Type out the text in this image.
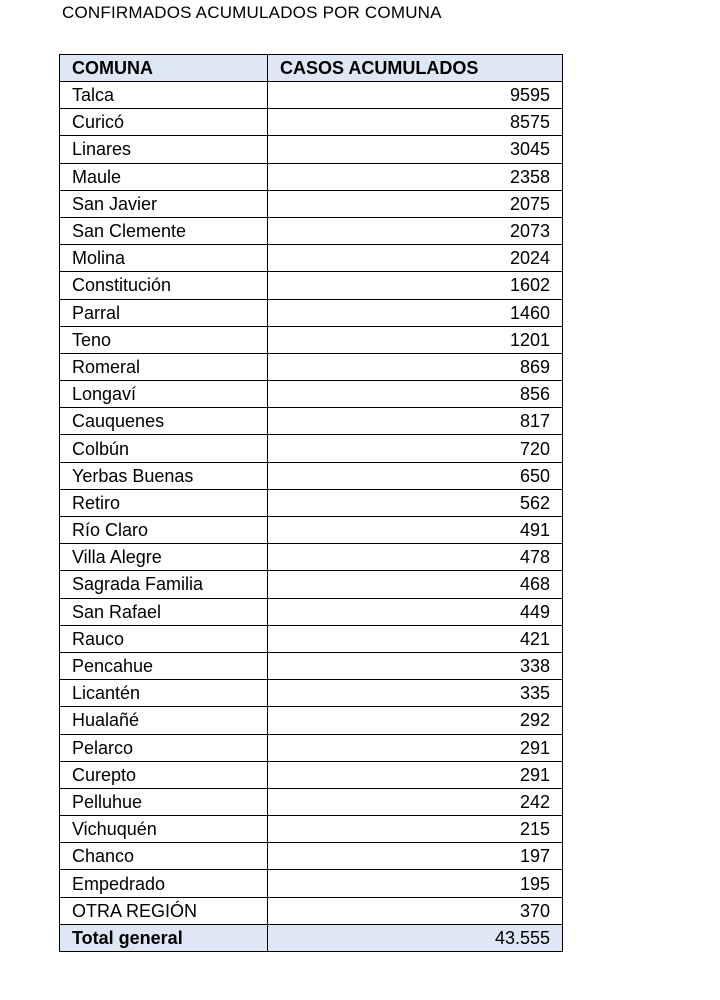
CONFIRMADOS ACUMULADOS POR COMUNA
COMUNA	CASOS ACUMULADOS
Talca	9595
Curicó	8575
Linares	3045
Maule	2358
San Javier	2075
San Clemente	2073
Molina	2024
Constitución	1602
Parral	1460
Teno	1201
Romeral	869
Longaví	856
Cauquenes	817
Colbún	720
Yerbas Buenas	650
Retiro	562
Río Claro	491
Villa Alegre	478
Sagrada Familia	468
San Rafael	449
Rauco	421
Pencahue	338
Licantén	335
Hualañé	292
Pelarco	291
Curepto	291
Pelluhue	242
Vichuquén	215
Chanco	197
Empedrado	195
OTRA REGIÓN	370
Total general	43.555
